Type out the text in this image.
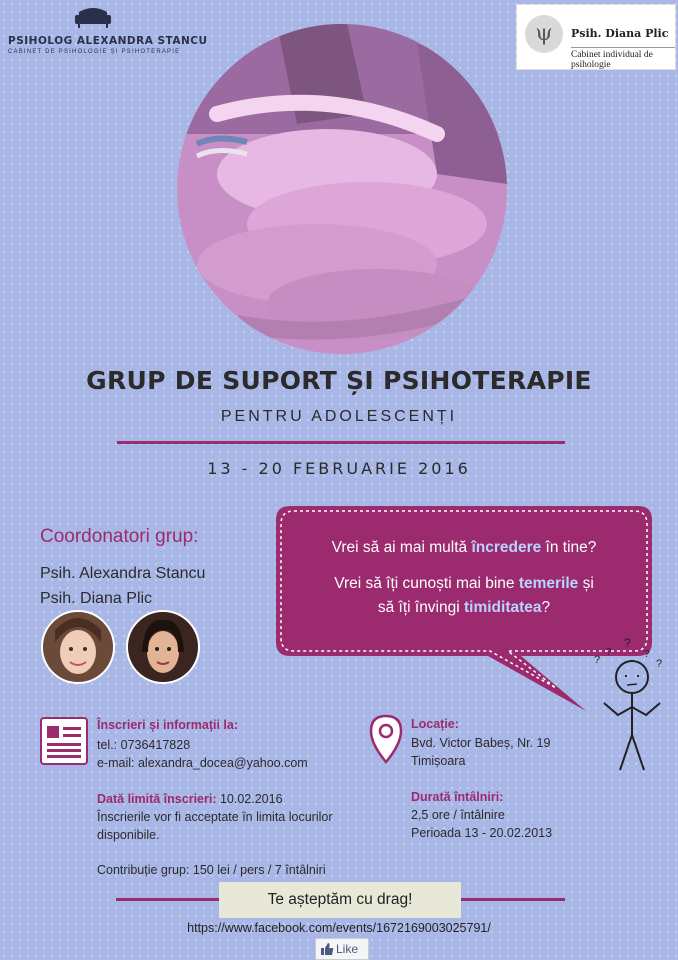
PSIHOLOG ALEXANDRA STANCU
CABINET DE PSIHOLOGIE ȘI PSIHOTERAPIE
ψ	Psih. Diana Plic
Cabinet individual de psihologie
GRUP DE SUPORT ȘI PSIHOTERAPIE
PENTRU ADOLESCENȚI
13 - 20 FEBRUARIE 2016
Coordonatori grup:
Psih. Alexandra Stancu
Psih. Diana Plic
Vrei să ai mai multă încredere în tine?
Vrei să îți cunoști mai bine temerile și
să îți învingi timiditatea?
?
?
?
?
?
Înscrieri și informații la:
tel.: 0736417828
e-mail: alexandra_docea@yahoo.com
Locație:
Bvd. Victor Babeș, Nr. 19
Timișoara
Dată limită înscrieri: 10.02.2016
Înscrierile vor fi acceptate în limita locurilor
disponibile.
Durată întâlniri:
2,5 ore / întâlnire
Perioada 13 - 20.02.2013
Contribuție grup: 150 lei / pers / 7 întâlniri
Te așteptăm cu drag!
https://www.facebook.com/events/1672169003025791/
Like
